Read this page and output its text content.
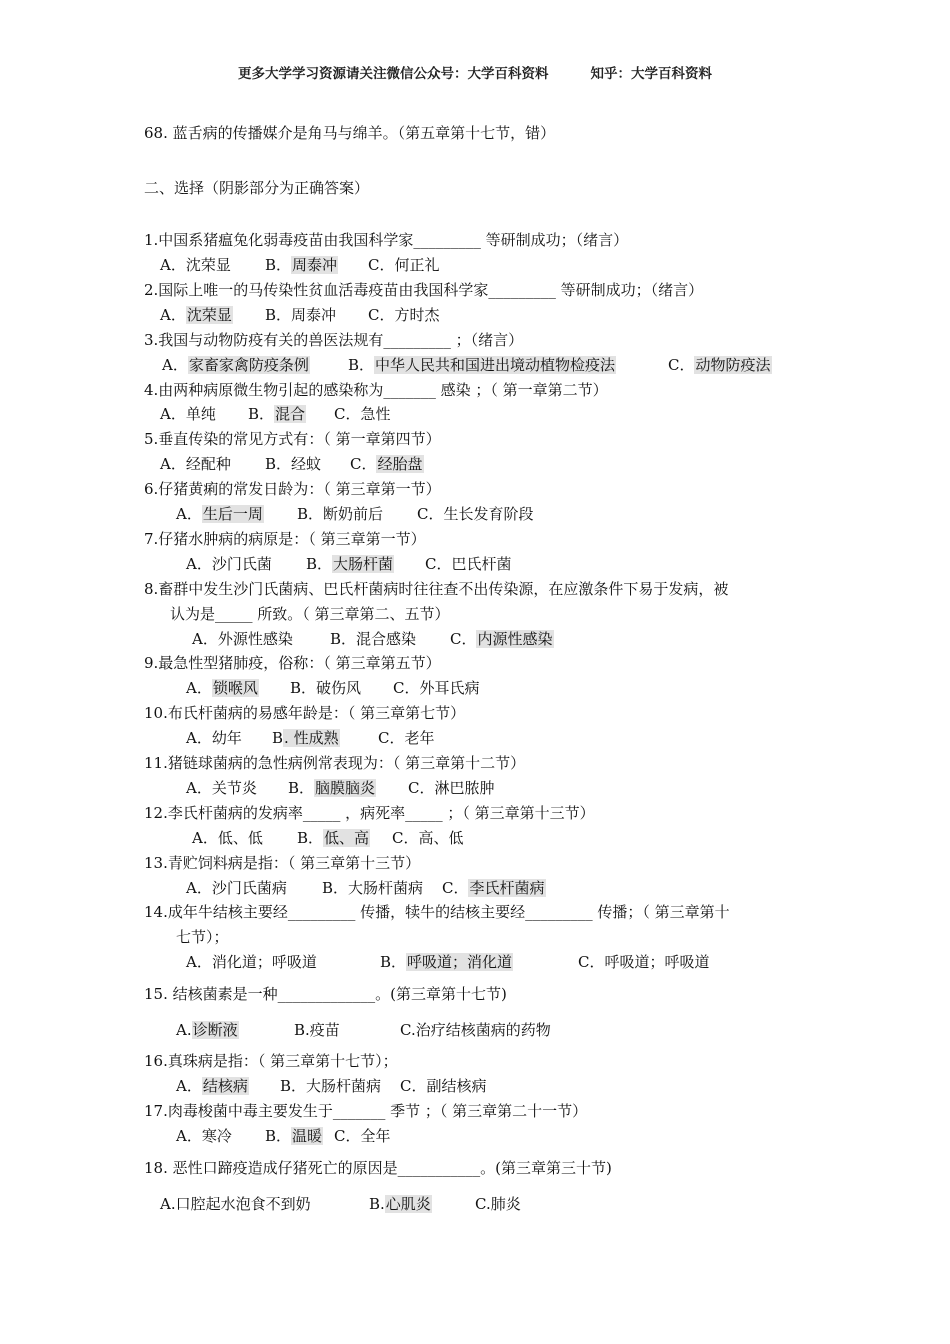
更多大学学习资源请关注微信公众号：大学百科资料	知乎：大学百科资料
68. 蓝舌病的传播媒介是角马与绵羊。（第五章第十七节，错）
二、选择（阴影部分为正确答案）
1.中国系猪瘟兔化弱毒疫苗由我国科学家_________ 等研制成功；（绪言）
A．沈荣显 B．周泰冲 C．何正礼
2.国际上唯一的马传染性贫血活毒疫苗由我国科学家_________ 等研制成功；（绪言）
A．沈荣显 B．周泰冲 C．方时杰
3.我国与动物防疫有关的兽医法规有_________ ；（绪言）
A．家畜家禽防疫条例	B．中华人民共和国进出境动植物检疫法	C．动物防疫法
4.由两种病原微生物引起的感染称为_______ 感染 ；（ 第一章第二节）
A．单纯 B．混合 C．急性
5.垂直传染的常见方式有：（ 第一章第四节）
A．经配种 B．经蚊 C．经胎盘
6.仔猪黄痢的常发日龄为：（ 第三章第一节）
A．生后一周 B．断奶前后 C．生长发育阶段
7.仔猪水肿病的病原是：（ 第三章第一节）
A．沙门氏菌 B．大肠杆菌 C．巴氏杆菌
8.畜群中发生沙门氏菌病、巴氏杆菌病时往往查不出传染源，在应激条件下易于发病，被
认为是_____ 所致。（ 第三章第二、五节）
A．外源性感染 B．混合感染 C．内源性感染
9.最急性型猪肺疫，俗称：（ 第三章第五节）
A．锁喉风 B．破伤风 C．外耳氏病
10.布氏杆菌病的易感年龄是：（ 第三章第七节）
A．幼年 B. 性成熟	C．老年
11.猪链球菌病的急性病例常表现为：（ 第三章第十二节）
A．关节炎 B．脑膜脑炎 C．淋巴脓肿
12.李氏杆菌病的发病率_____ ，病死率_____ ；（ 第三章第十三节）
A．低、低 B．低、高 C．高、低
13.青贮饲料病是指：（ 第三章第十三节）
A．沙门氏菌病 B．大肠杆菌病 C．李氏杆菌病
14.成年牛结核主要经_________ 传播，犊牛的结核主要经_________ 传播；（ 第三章第十
七节）；
A．消化道；呼吸道	B．呼吸道；消化道	C．呼吸道；呼吸道
15. 结核菌素是一种_____________。(第三章第十七节)
A.诊断液	B.疫苗	C.治疗结核菌病的药物
16.真珠病是指：（ 第三章第十七节）；
A．结核病 B．大肠杆菌病 C．副结核病
17.肉毒梭菌中毒主要发生于_______ 季节 ；（ 第三章第二十一节）
A．寒冷 B．温暖 C．全年
18. 恶性口蹄疫造成仔猪死亡的原因是___________。(第三章第三十节)
A.口腔起水泡食不到奶	B.心肌炎	C.肺炎
